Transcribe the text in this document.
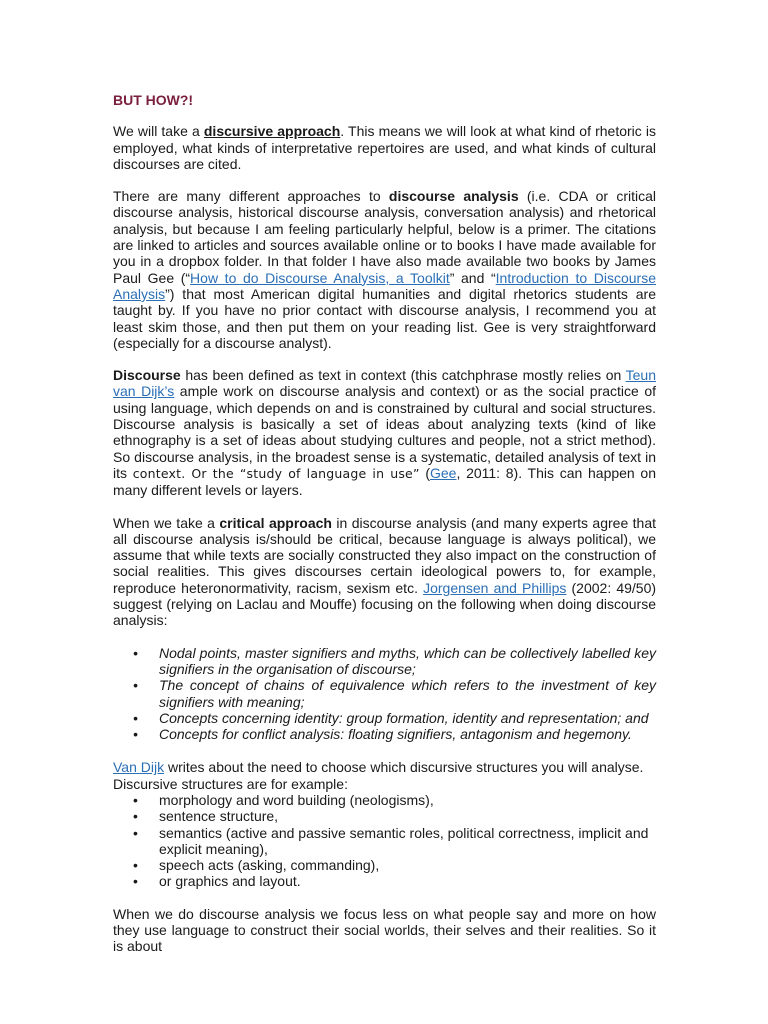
BUT HOW?!

We will take a discursive approach. This means we will look at what kind of rhetoric is employed, what kinds of interpretative repertoires are used, and what kinds of cultural discourses are cited.

There are many different approaches to discourse analysis (i.e. CDA or critical discourse analysis, historical discourse analysis, conversation analysis) and rhetorical analysis, but because I am feeling particularly helpful, below is a primer. The citations are linked to articles and sources available online or to books I have made available for you in a dropbox folder. In that folder I have also made available two books by James Paul Gee (“How to do Discourse Analysis, a Toolkit” and “Introduction to Discourse Analysis”) that most American digital humanities and digital rhetorics students are taught by. If you have no prior contact with discourse analysis, I recommend you at least skim those, and then put them on your reading list. Gee is very straightforward (especially for a discourse analyst).

Discourse has been defined as text in context (this catchphrase mostly relies on Teun van Dijk’s ample work on discourse analysis and context) or as the social practice of using language, which depends on and is constrained by cultural and social structures. Discourse analysis is basically a set of ideas about analyzing texts (kind of like ethnography is a set of ideas about studying cultures and people, not a strict method). So discourse analysis, in the broadest sense is a systematic, detailed analysis of text in its context. Or the “study of language in use” (Gee, 2011: 8). This can happen on many different levels or layers.

When we take a critical approach in discourse analysis (and many experts agree that all discourse analysis is/should be critical, because language is always political), we assume that while texts are socially constructed they also impact on the construction of social realities. This gives discourses certain ideological powers to, for example, reproduce heteronormativity, racism, sexism etc. Jorgensen and Phillips (2002: 49/50) suggest (relying on Laclau and Mouffe) focusing on the following when doing discourse analysis:

• Nodal points, master signifiers and myths, which can be collectively labelled key signifiers in the organisation of discourse;
• The concept of chains of equivalence which refers to the investment of key signifiers with meaning;
• Concepts concerning identity: group formation, identity and representation; and
• Concepts for conflict analysis: floating signifiers, antagonism and hegemony.

Van Dijk writes about the need to choose which discursive structures you will analyse. Discursive structures are for example:

• morphology and word building (neologisms),
• sentence structure,
• semantics (active and passive semantic roles, political correctness, implicit and explicit meaning),
• speech acts (asking, commanding),
• or graphics and layout.

When we do discourse analysis we focus less on what people say and more on how they use language to construct their social worlds, their selves and their realities. So it is about
